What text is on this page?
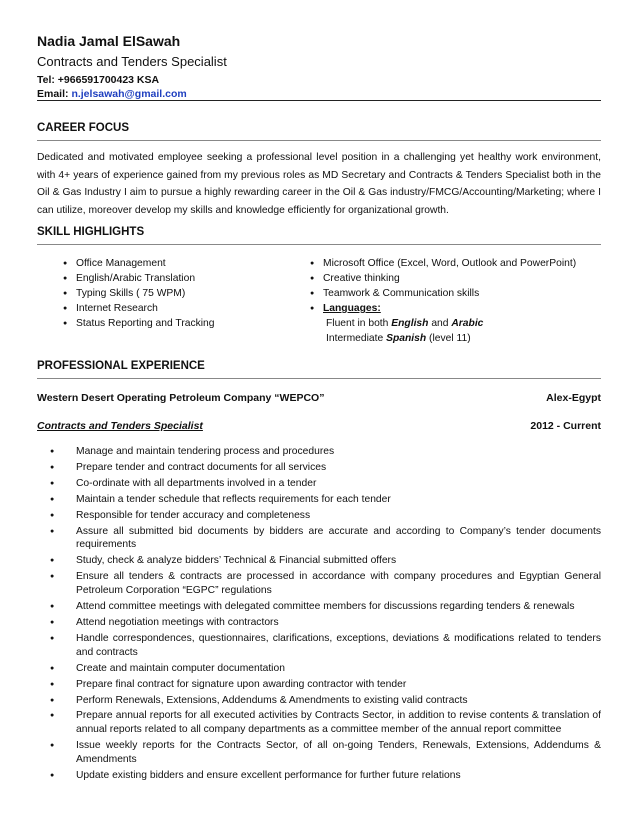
Nadia Jamal ElSawah
Contracts and Tenders Specialist
Tel: +966591700423 KSA
Email: n.jelsawah@gmail.com
CAREER FOCUS
Dedicated and motivated employee seeking a professional level position in a challenging yet healthy work environment, with 4+ years of experience gained from my previous roles as MD Secretary and Contracts & Tenders Specialist both in the Oil & Gas Industry I aim to pursue a highly rewarding career in the Oil & Gas industry/FMCG/Accounting/Marketing; where I can utilize, moreover develop my skills and knowledge efficiently for organizational growth.
SKILL HIGHLIGHTS
● Office Management
● English/Arabic Translation
● Typing Skills ( 75 WPM)
● Internet Research
● Status Reporting and Tracking
● Microsoft Office (Excel, Word, Outlook and PowerPoint)
● Creative thinking
● Teamwork & Communication skills
● Languages:
Fluent in both English and Arabic
Intermediate Spanish (level 11)
PROFESSIONAL EXPERIENCE
Western Desert Operating Petroleum Company “WEPCO”	Alex-Egypt
Contracts and Tenders Specialist	2012 - Current
● Manage and maintain tendering process and procedures
● Prepare tender and contract documents for all services
● Co-ordinate with all departments involved in a tender
● Maintain a tender schedule that reflects requirements for each tender
● Responsible for tender accuracy and completeness
● Assure all submitted bid documents by bidders are accurate and according to Company’s tender documents requirements
● Study, check & analyze bidders’ Technical & Financial submitted offers
● Ensure all tenders & contracts are processed in accordance with company procedures and Egyptian General Petroleum Corporation “EGPC” regulations
● Attend committee meetings with delegated committee members for discussions regarding tenders & renewals
● Attend negotiation meetings with contractors
● Handle correspondences, questionnaires, clarifications, exceptions, deviations & modifications related to tenders and contracts
● Create and maintain computer documentation
● Prepare final contract for signature upon awarding contractor with tender
● Perform Renewals, Extensions, Addendums & Amendments to existing valid contracts
● Prepare annual reports for all executed activities by Contracts Sector, in addition to revise contents & translation of annual reports related to all company departments as a committee member of the annual report committee
● Issue weekly reports for the Contracts Sector, of all on-going Tenders, Renewals, Extensions, Addendums & Amendments
● Update existing bidders and ensure excellent performance for further future relations
